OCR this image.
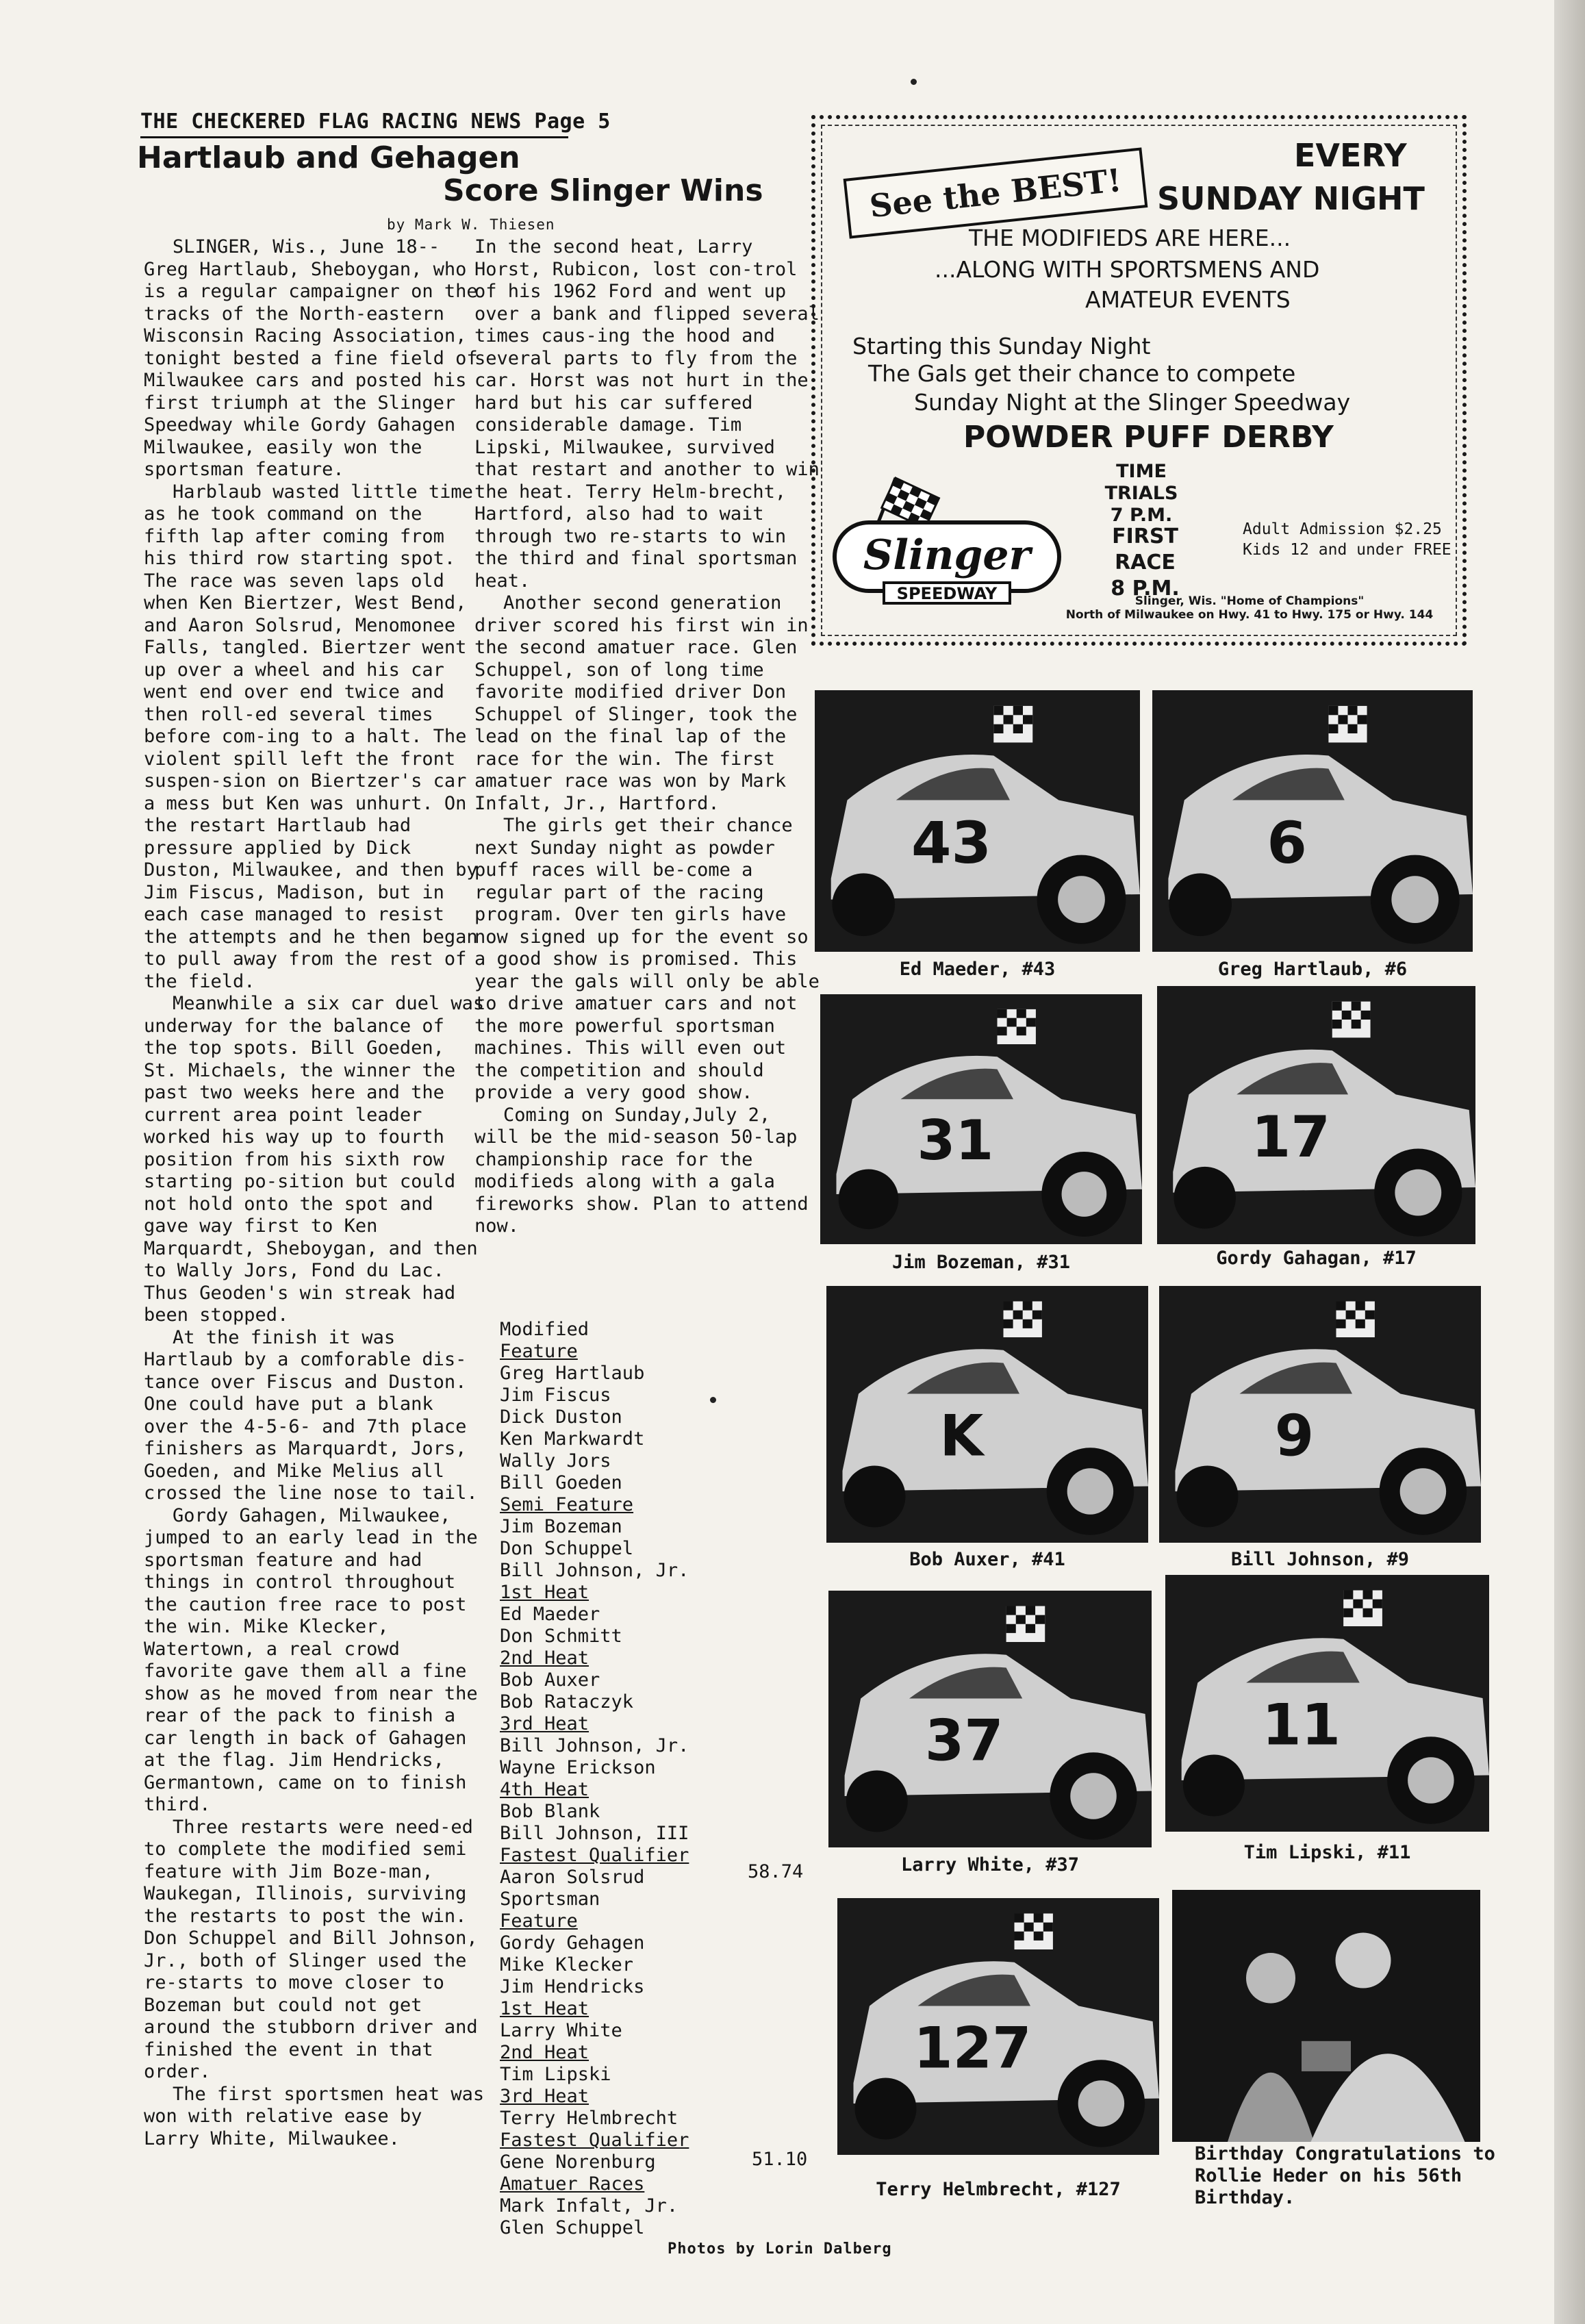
THE CHECKERED FLAG RACING NEWS Page 5
Hartlaub and Gehagen
Score Slinger Wins
by Mark W. Thiesen

SLINGER, Wis., June 18-- Greg Hartlaub, Sheboygan, who is a regular campaigner on the tracks of the North-eastern Wisconsin Racing Association, tonight bested a fine field of Milwaukee cars and posted his first triumph at the Slinger Speedway while Gordy Gahagen Milwaukee, easily won the sportsman feature.

Harblaub wasted little time as he took command on the fifth lap after coming from his third row starting spot. The race was seven laps old when Ken Biertzer, West Bend, and Aaron Solsrud, Menomonee Falls, tangled. Biertzer went up over a wheel and his car went end over end twice and then roll-ed several times before com-ing to a halt. The violent spill left the front suspen-sion on Biertzer's car a mess but Ken was unhurt. On the restart Hartlaub had pressure applied by Dick Duston, Milwaukee, and then by Jim Fiscus, Madison, but in each case managed to resist the attempts and he then began to pull away from the rest of the field.

Meanwhile a six car duel was underway for the balance of the top spots. Bill Goeden, St. Michaels, the winner the past two weeks here and the current area point leader worked his way up to fourth position from his sixth row starting po-sition but could not hold onto the spot and gave way first to Ken Marquardt, Sheboygan, and then to Wally Jors, Fond du Lac. Thus Geoden's win streak had been stopped.

At the finish it was Hartlaub by a comforable dis-tance over Fiscus and Duston. One could have put a blank over the 4-5-6- and 7th place finishers as Marquardt, Jors, Goeden, and Mike Melius all crossed the line nose to tail.

Gordy Gahagen, Milwaukee, jumped to an early lead in the sportsman feature and had things in control throughout the caution free race to post the win. Mike Klecker, Watertown, a real crowd favorite gave them all a fine show as he moved from near the rear of the pack to finish a car length in back of Gahagen at the flag. Jim Hendricks, Germantown, came on to finish third.

Three restarts were need-ed to complete the modified semi feature with Jim Boze-man, Waukegan, Illinois, surviving the restarts to post the win. Don Schuppel and Bill Johnson, Jr., both of Slinger used the re-starts to move closer to Bozeman but could not get around the stubborn driver and finished the event in that order.

The first sportsmen heat was won with relative ease by Larry White, Milwaukee.

In the second heat, Larry Horst, Rubicon, lost con-trol of his 1962 Ford and went up over a bank and flipped several times caus-ing the hood and several parts to fly from the car. Horst was not hurt in the hard but his car suffered considerable damage. Tim Lipski, Milwaukee, survived that restart and another to win the heat. Terry Helm-brecht, Hartford, also had to wait through two re-starts to win the third and final sportsman heat.

Another second generation driver scored his first win in the second amatuer race. Glen Schuppel, son of long time favorite modified driver Don Schuppel of Slinger, took the lead on the final lap of the race for the win. The first amatuer race was won by Mark Infalt, Jr., Hartford.

The girls get their chance next Sunday night as powder puff races will be-come a regular part of the racing program. Over ten girls have now signed up for the event so a good show is promised. This year the gals will only be able to drive amatuer cars and not the more powerful sportsman machines. This will even out the competition and should provide a very good show.

Coming on Sunday,July 2, will be the mid-season 50-lap championship race for the modifieds along with a gala fireworks show. Plan to attend now.

Modified
Feature
Greg Hartlaub
Jim Fiscus
Dick Duston
Ken Markwardt
Wally Jors
Bill Goeden
Semi Feature
Jim Bozeman
Don Schuppel
Bill Johnson, Jr.
1st Heat
Ed Maeder
Don Schmitt
2nd Heat
Bob Auxer
Bob Rataczyk
3rd Heat
Bill Johnson, Jr.
Wayne Erickson
4th Heat
Bob Blank
Bill Johnson, III
Fastest Qualifier
Aaron Solsrud
Sportsman
Feature
Gordy Gehagen
Mike Klecker
Jim Hendricks
1st Heat
Larry White
2nd Heat
Tim Lipski
3rd Heat
Terry Helmbrecht
Fastest Qualifier
Gene Norenburg
Amatuer Races
Mark Infalt, Jr.
Glen Schuppel
58.74
51.10
See the BEST!
EVERY
SUNDAY NIGHT
THE MODIFIEDS ARE HERE...
...ALONG WITH SPORTSMENS AND
AMATEUR EVENTS
Starting this Sunday Night
The Gals get their chance to compete
Sunday Night at the Slinger Speedway
POWDER PUFF DERBY
TIME TRIALS
7 P.M.
FIRST RACE
8 P.M.
Adult Admission $2.25
Kids 12 and under FREE
Slinger, Wis. "Home of Champions"
North of Milwaukee on Hwy. 41 to Hwy. 175 or Hwy. 144
Slinger
SPEEDWAY
43
Ed Maeder, #43
6
Greg Hartlaub, #6
31
Jim Bozeman, #31
17
Gordy Gahagan, #17
K
Bob Auxer, #41
9
Bill Johnson, #9
37
Larry White, #37
11
Tim Lipski, #11
127
Terry Helmbrecht, #127
Birthday Congratulations to Rollie Heder on his 56th Birthday.
Photos by Lorin Dalberg
